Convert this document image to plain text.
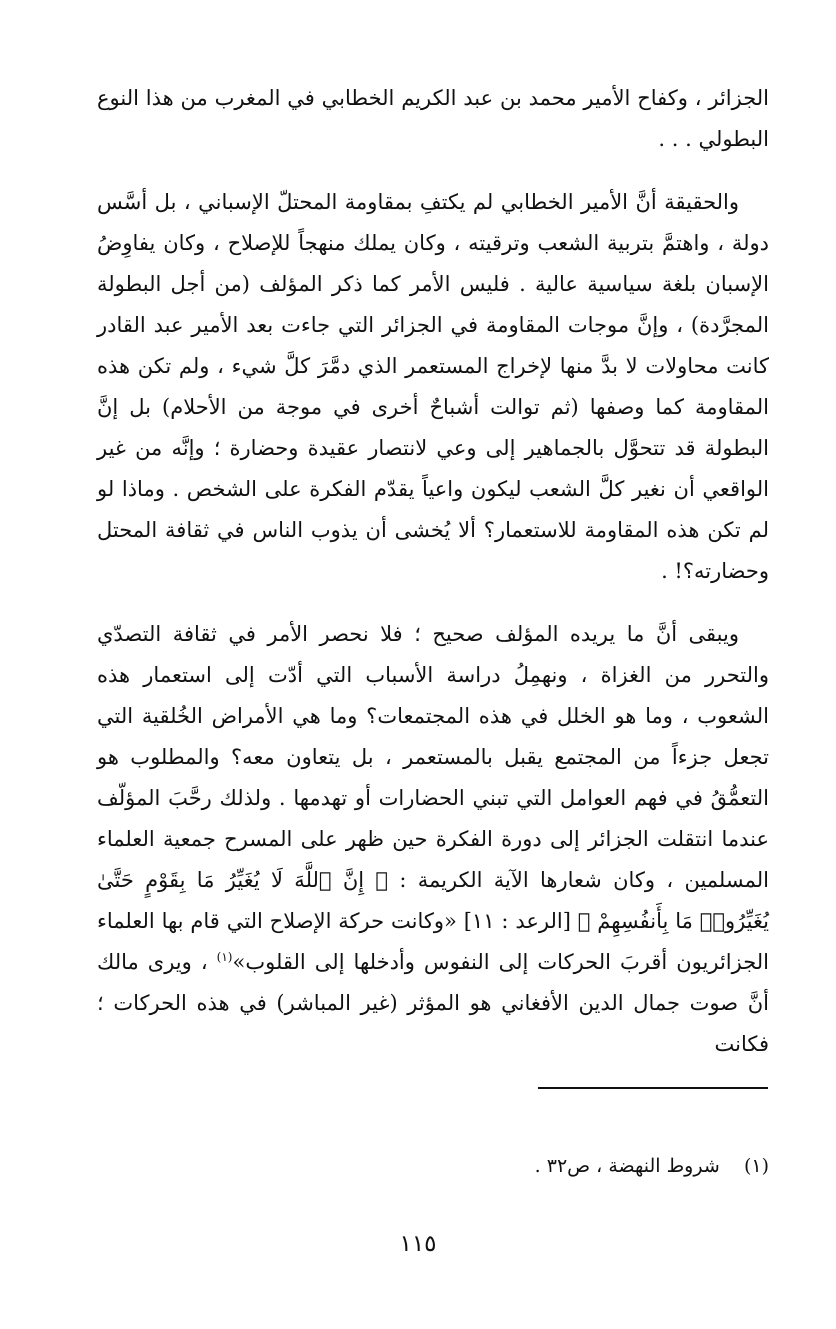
الجزائر ، وكفاح الأمير محمد بن عبد الكريم الخطابي في المغرب من هذا النوع البطولي . . .

والحقيقة أنَّ الأمير الخطابي لم يكتفِ بمقاومة المحتلّ الإسباني ، بل أسَّس دولة ، واهتمَّ بتربية الشعب وترقيته ، وكان يملك منهجاً للإصلاح ، وكان يفاوِضُ الإسبان بلغة سياسية عالية . فليس الأمر كما ذكر المؤلف (من أجل البطولة المجرَّدة) ، وإنَّ موجات المقاومة في الجزائر التي جاءت بعد الأمير عبد القادر كانت محاولات لا بدَّ منها لإخراج المستعمر الذي دمَّرَ كلَّ شيء ، ولم تكن هذه المقاومة كما وصفها (ثم توالت أشباحٌ أخرى في موجة من الأحلام) بل إنَّ البطولة قد تتحوَّل بالجماهير إلى وعي لانتصار عقيدة وحضارة ؛ وإنَّه من غير الواقعي أن نغير كلَّ الشعب ليكون واعياً يقدّم الفكرة على الشخص . وماذا لو لم تكن هذه المقاومة للاستعمار؟ ألا يُخشى أن يذوب الناس في ثقافة المحتل وحضارته؟! .

ويبقى أنَّ ما يريده المؤلف صحيح ؛ فلا نحصر الأمر في ثقافة التصدّي والتحرر من الغزاة ، ونهمِلُ دراسة الأسباب التي أدّت إلى استعمار هذه الشعوب ، وما هو الخلل في هذه المجتمعات؟ وما هي الأمراض الخُلقية التي تجعل جزءاً من المجتمع يقبل بالمستعمر ، بل يتعاون معه؟ والمطلوب هو التعمُّقُ في فهم العوامل التي تبني الحضارات أو تهدمها . ولذلك رحَّبَ المؤلّف عندما انتقلت الجزائر إلى دورة الفكرة حين ظهر على المسرح جمعية العلماء المسلمين ، وكان شعارها الآية الكريمة : ﴿ إِنَّ ٱللَّهَ لَا يُغَيِّرُ مَا بِقَوْمٍ حَتَّىٰ يُغَيِّرُوا۟ مَا بِأَنفُسِهِمْ ﴾ [الرعد : ١١] «وكانت حركة الإصلاح التي قام بها العلماء الجزائريون أقربَ الحركات إلى النفوس وأدخلها إلى القلوب»$^{(١)}$ ، ويرى مالك أنَّ صوت جمال الدين الأفغاني هو المؤثر (غير المباشر) في هذه الحركات ؛ فكانت

(١)    شروط النهضة ، ص٣٢ .
١١٥
